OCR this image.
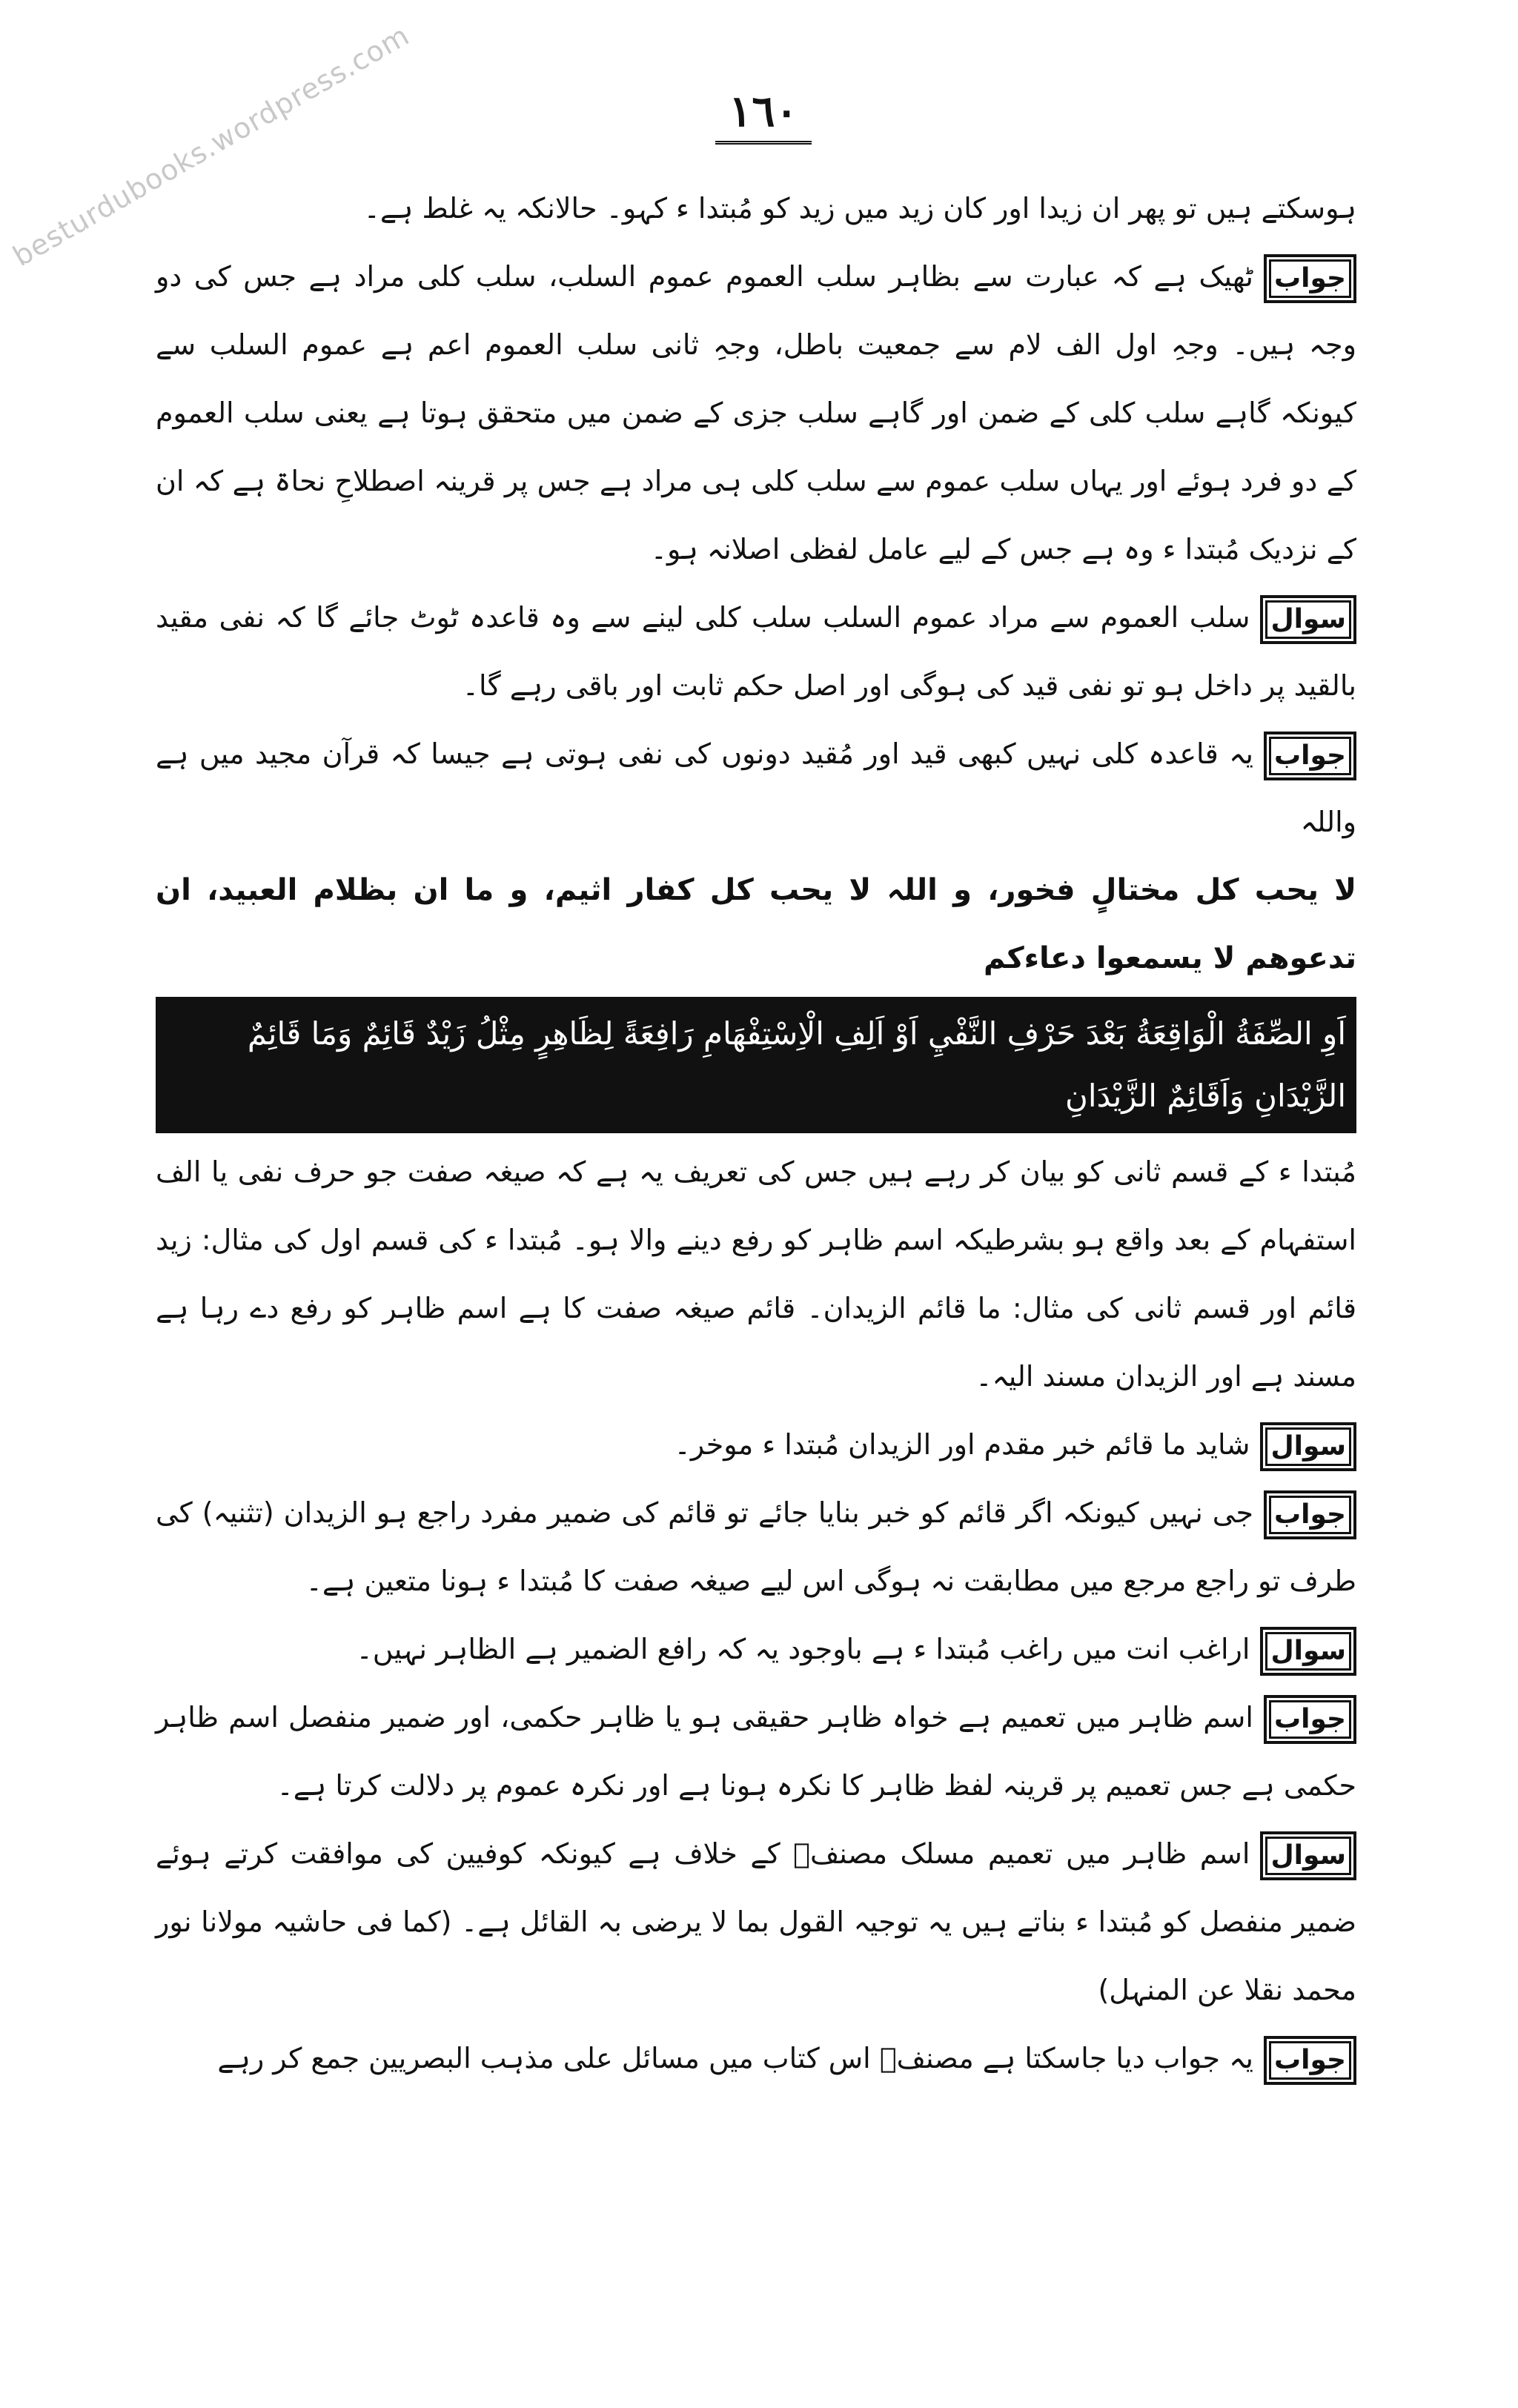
besturdubooks.wordpress.com	١٦٠

ہوسکتے ہیں تو پھر ان زیدا اور کان زید میں زید کو مُبتدا ء کہو۔ حالانکہ یہ غلط ہے۔

جوابٹھیک ہے کہ عبارت سے بظاہر سلب العموم عموم السلب، سلب کلی مراد ہے جس کی دو وجہ ہیں۔ وجہِ اول الف لام سے جمعیت باطل، وجہِ ثانی سلب العموم اعم ہے عموم السلب سے کیونکہ گاہے سلب کلی کے ضمن اور گاہے سلب جزی کے ضمن میں متحقق ہوتا ہے یعنی سلب العموم کے دو فرد ہوئے اور یہاں سلب عموم سے سلب کلی ہی مراد ہے جس پر قرینہ اصطلاحِ نحاۃ ہے کہ ان کے نزدیک مُبتدا ء وہ ہے جس کے لیے عامل لفظی اصلانہ ہو۔

سوالسلب العموم سے مراد عموم السلب سلب کلی لینے سے وہ قاعدہ ٹوٹ جائے گا کہ نفی مقید بالقید پر داخل ہو تو نفی قید کی ہوگی اور اصل حکم ثابت اور باقی رہے گا۔

جوابیہ قاعدہ کلی نہیں کبھی قید اور مُقید دونوں کی نفی ہوتی ہے جیسا کہ قرآن مجید میں ہے واللہ

لا یحب کل مختالٍ فخور، و اللہ لا یحب کل کفار اثیم، و ما ان بظلام العبید، ان تدعوھم لا یسمعوا دعاءکم

اَوِ الصِّفَةُ الْوَاقِعَةُ بَعْدَ حَرْفِ النَّفْيِ اَوْ اَلِفِ الْاِسْتِفْهَامِ رَافِعَةً لِظَاهِرٍ مِثْلُ زَيْدٌ قَائِمٌ وَمَا قَائِمٌ الزَّيْدَانِ وَاَقَائِمٌ الزَّيْدَانِ

مُبتدا ء کے قسم ثانی کو بیان کر رہے ہیں جس کی تعریف یہ ہے کہ صیغہ صفت جو حرف نفی یا الف استفہام کے بعد واقع ہو بشرطیکہ اسم ظاہر کو رفع دینے والا ہو۔ مُبتدا ء کی قسم اول کی مثال: زید قائم اور قسم ثانی کی مثال: ما قائم الزیدان۔ قائم صیغہ صفت کا ہے اسم ظاہر کو رفع دے رہا ہے مسند ہے اور الزیدان مسند الیہ۔

سوالشاید ما قائم خبر مقدم اور الزیدان مُبتدا ء موخر۔

جوابجی نہیں کیونکہ اگر قائم کو خبر بنایا جائے تو قائم کی ضمیر مفرد راجع ہو الزیدان (تثنیہ) کی طرف تو راجع مرجع میں مطابقت نہ ہوگی اس لیے صیغہ صفت کا مُبتدا ء ہونا متعین ہے۔

سوالاراغب انت میں راغب مُبتدا ء ہے باوجود یہ کہ رافع الضمیر ہے الظاہر نہیں۔

جواباسم ظاہر میں تعمیم ہے خواہ ظاہر حقیقی ہو یا ظاہر حکمی، اور ضمیر منفصل اسم ظاہر حکمی ہے جس تعمیم پر قرینہ لفظ ظاہر کا نکرہ ہونا ہے اور نکرہ عموم پر دلالت کرتا ہے۔

سوالاسم ظاہر میں تعمیم مسلک مصنفؒ کے خلاف ہے کیونکہ کوفیین کی موافقت کرتے ہوئے ضمیر منفصل کو مُبتدا ء بناتے ہیں یہ توجیہ القول بما لا یرضی بہ القائل ہے۔ (کما فی حاشیہ مولانا نور محمد نقلا عن المنہل)

جوابیہ جواب دیا جاسکتا ہے مصنفؒ اس کتاب میں مسائل علی مذہب البصریین جمع کر رہے
